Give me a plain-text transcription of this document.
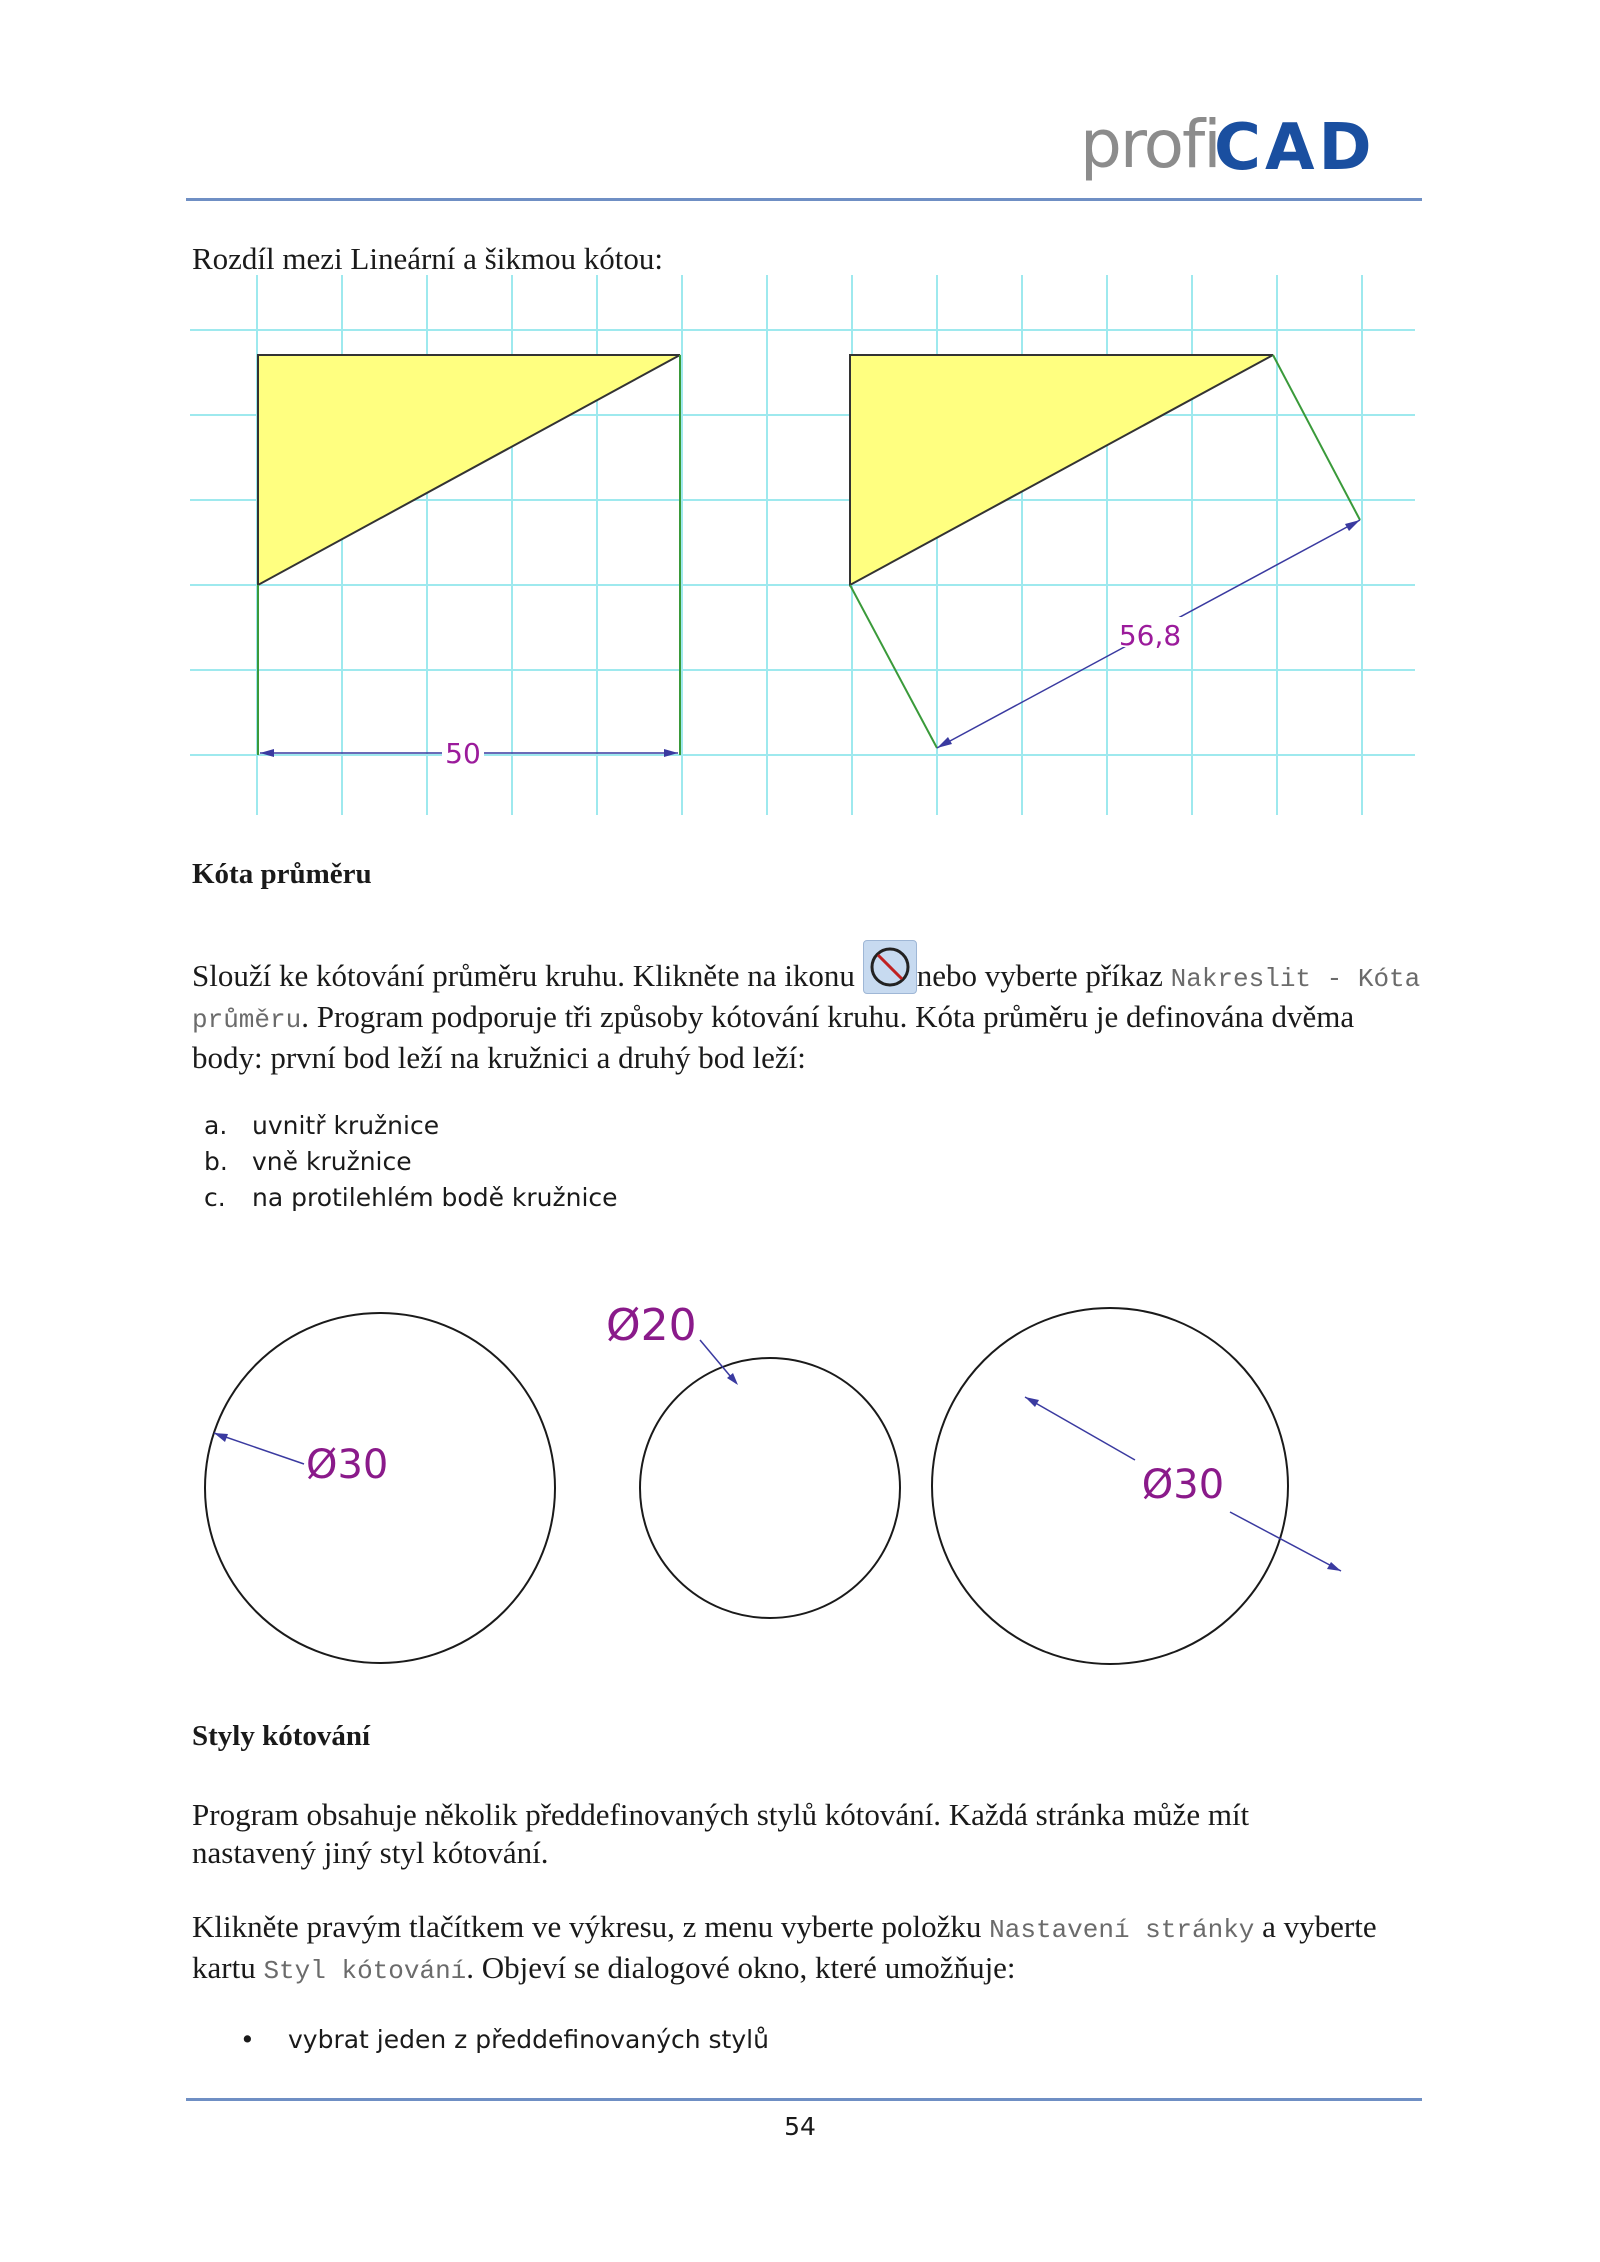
profi
CAD
Rozdíl mezi Lineární a šikmou kótou:
50
56,8
Kóta průměru
Slouží ke kótování průměru kruhu. Klikněte na ikonu
nebo vyberte příkaz Nakreslit - Kóta průměru. Program podporuje tři způsoby kótování kruhu. Kóta průměru je definována dvěma body: první bod leží na kružnici a druhý bod leží:
a. uvnitř kružnice
b. vně kružnice
c. na protilehlém bodě kružnice
Ø30
Ø20
Ø30
Styly kótování
Program obsahuje několik předdefinovaných stylů kótování. Každá stránka může mít nastavený jiný styl kótování.
Klikněte pravým tlačítkem ve výkresu, z menu vyberte položku Nastavení stránky a vyberte kartu Styl kótování. Objeví se dialogové okno, které umožňuje:
• vybrat jeden z předdefinovaných stylů
54
